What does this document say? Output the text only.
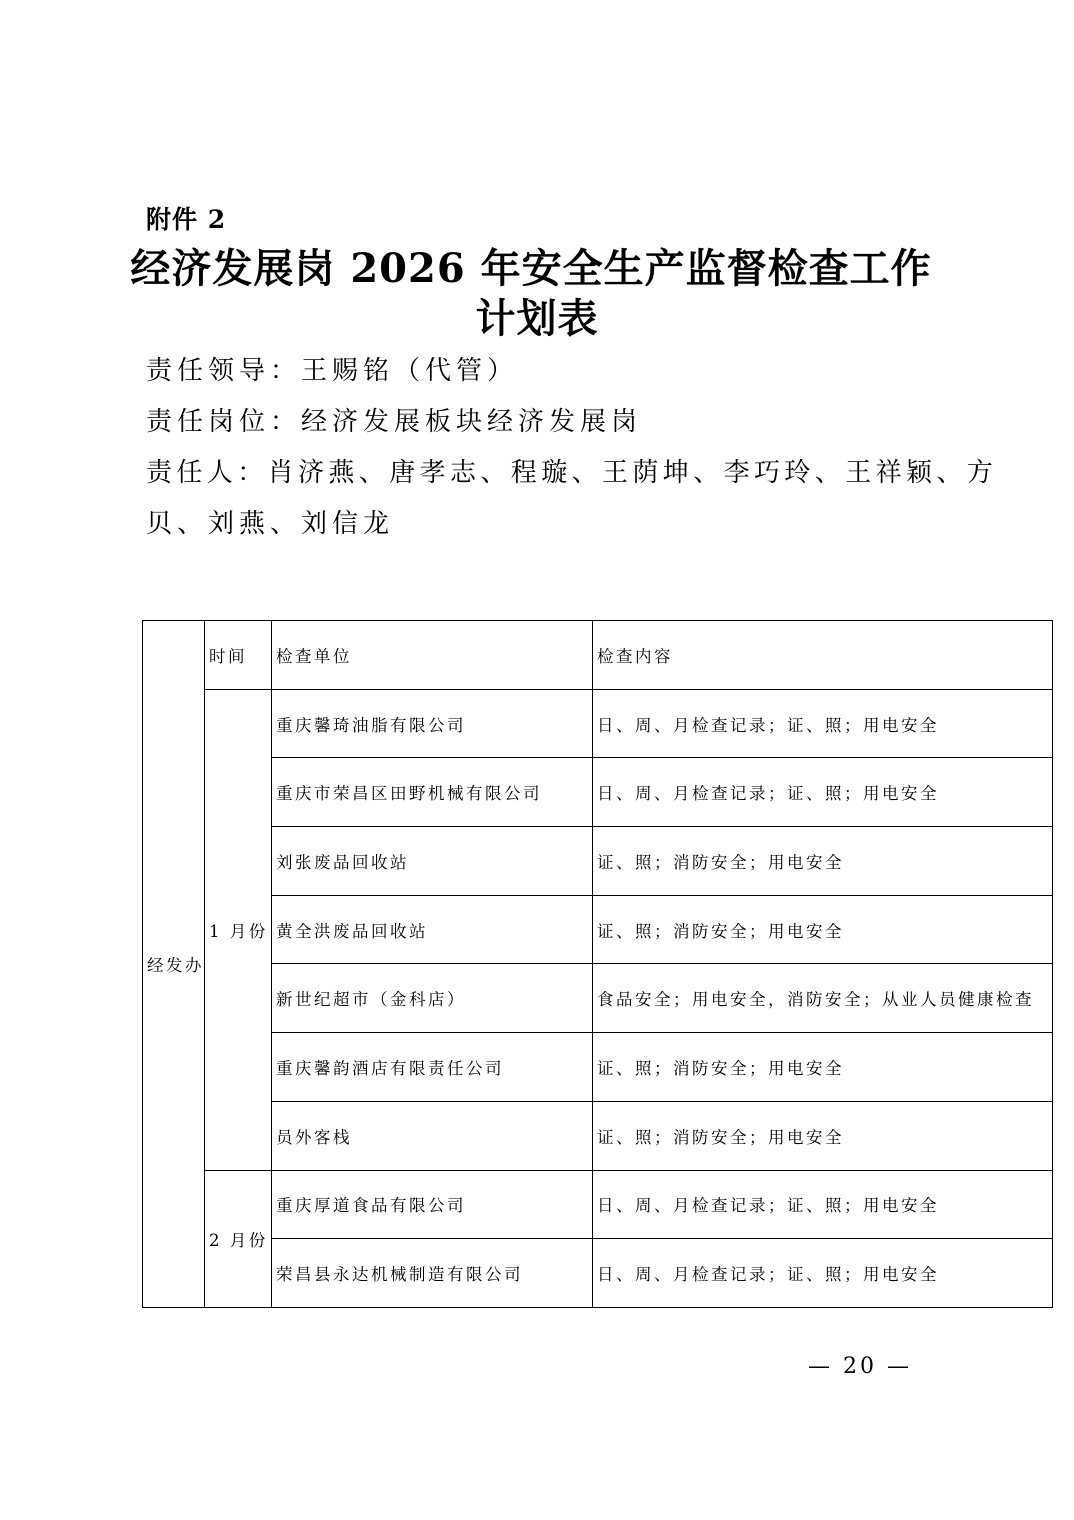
附件 2
经济发展岗 2026 年安全生产监督检查工作
计划表
责任领导：王赐铭（代管）
责任岗位：经济发展板块经济发展岗
责任人：肖济燕、唐孝志、程璇、王荫坤、李巧玲、王祥颖、方
贝、刘燕、刘信龙
经发办	时间	检查单位	检查内容
	1 月份	重庆馨琦油脂有限公司	日、周、月检查记录；证、照；用电安全
		重庆市荣昌区田野机械有限公司	日、周、月检查记录；证、照；用电安全
		刘张废品回收站	证、照；消防安全；用电安全
		黄全洪废品回收站	证、照；消防安全；用电安全
		新世纪超市（金科店）	食品安全；用电安全，消防安全；从业人员健康检查
		重庆馨韵酒店有限责任公司	证、照；消防安全；用电安全
		员外客栈	证、照；消防安全；用电安全
	2 月份	重庆厚道食品有限公司	日、周、月检查记录；证、照；用电安全
		荣昌县永达机械制造有限公司	日、周、月检查记录；证、照；用电安全
— 20 —
